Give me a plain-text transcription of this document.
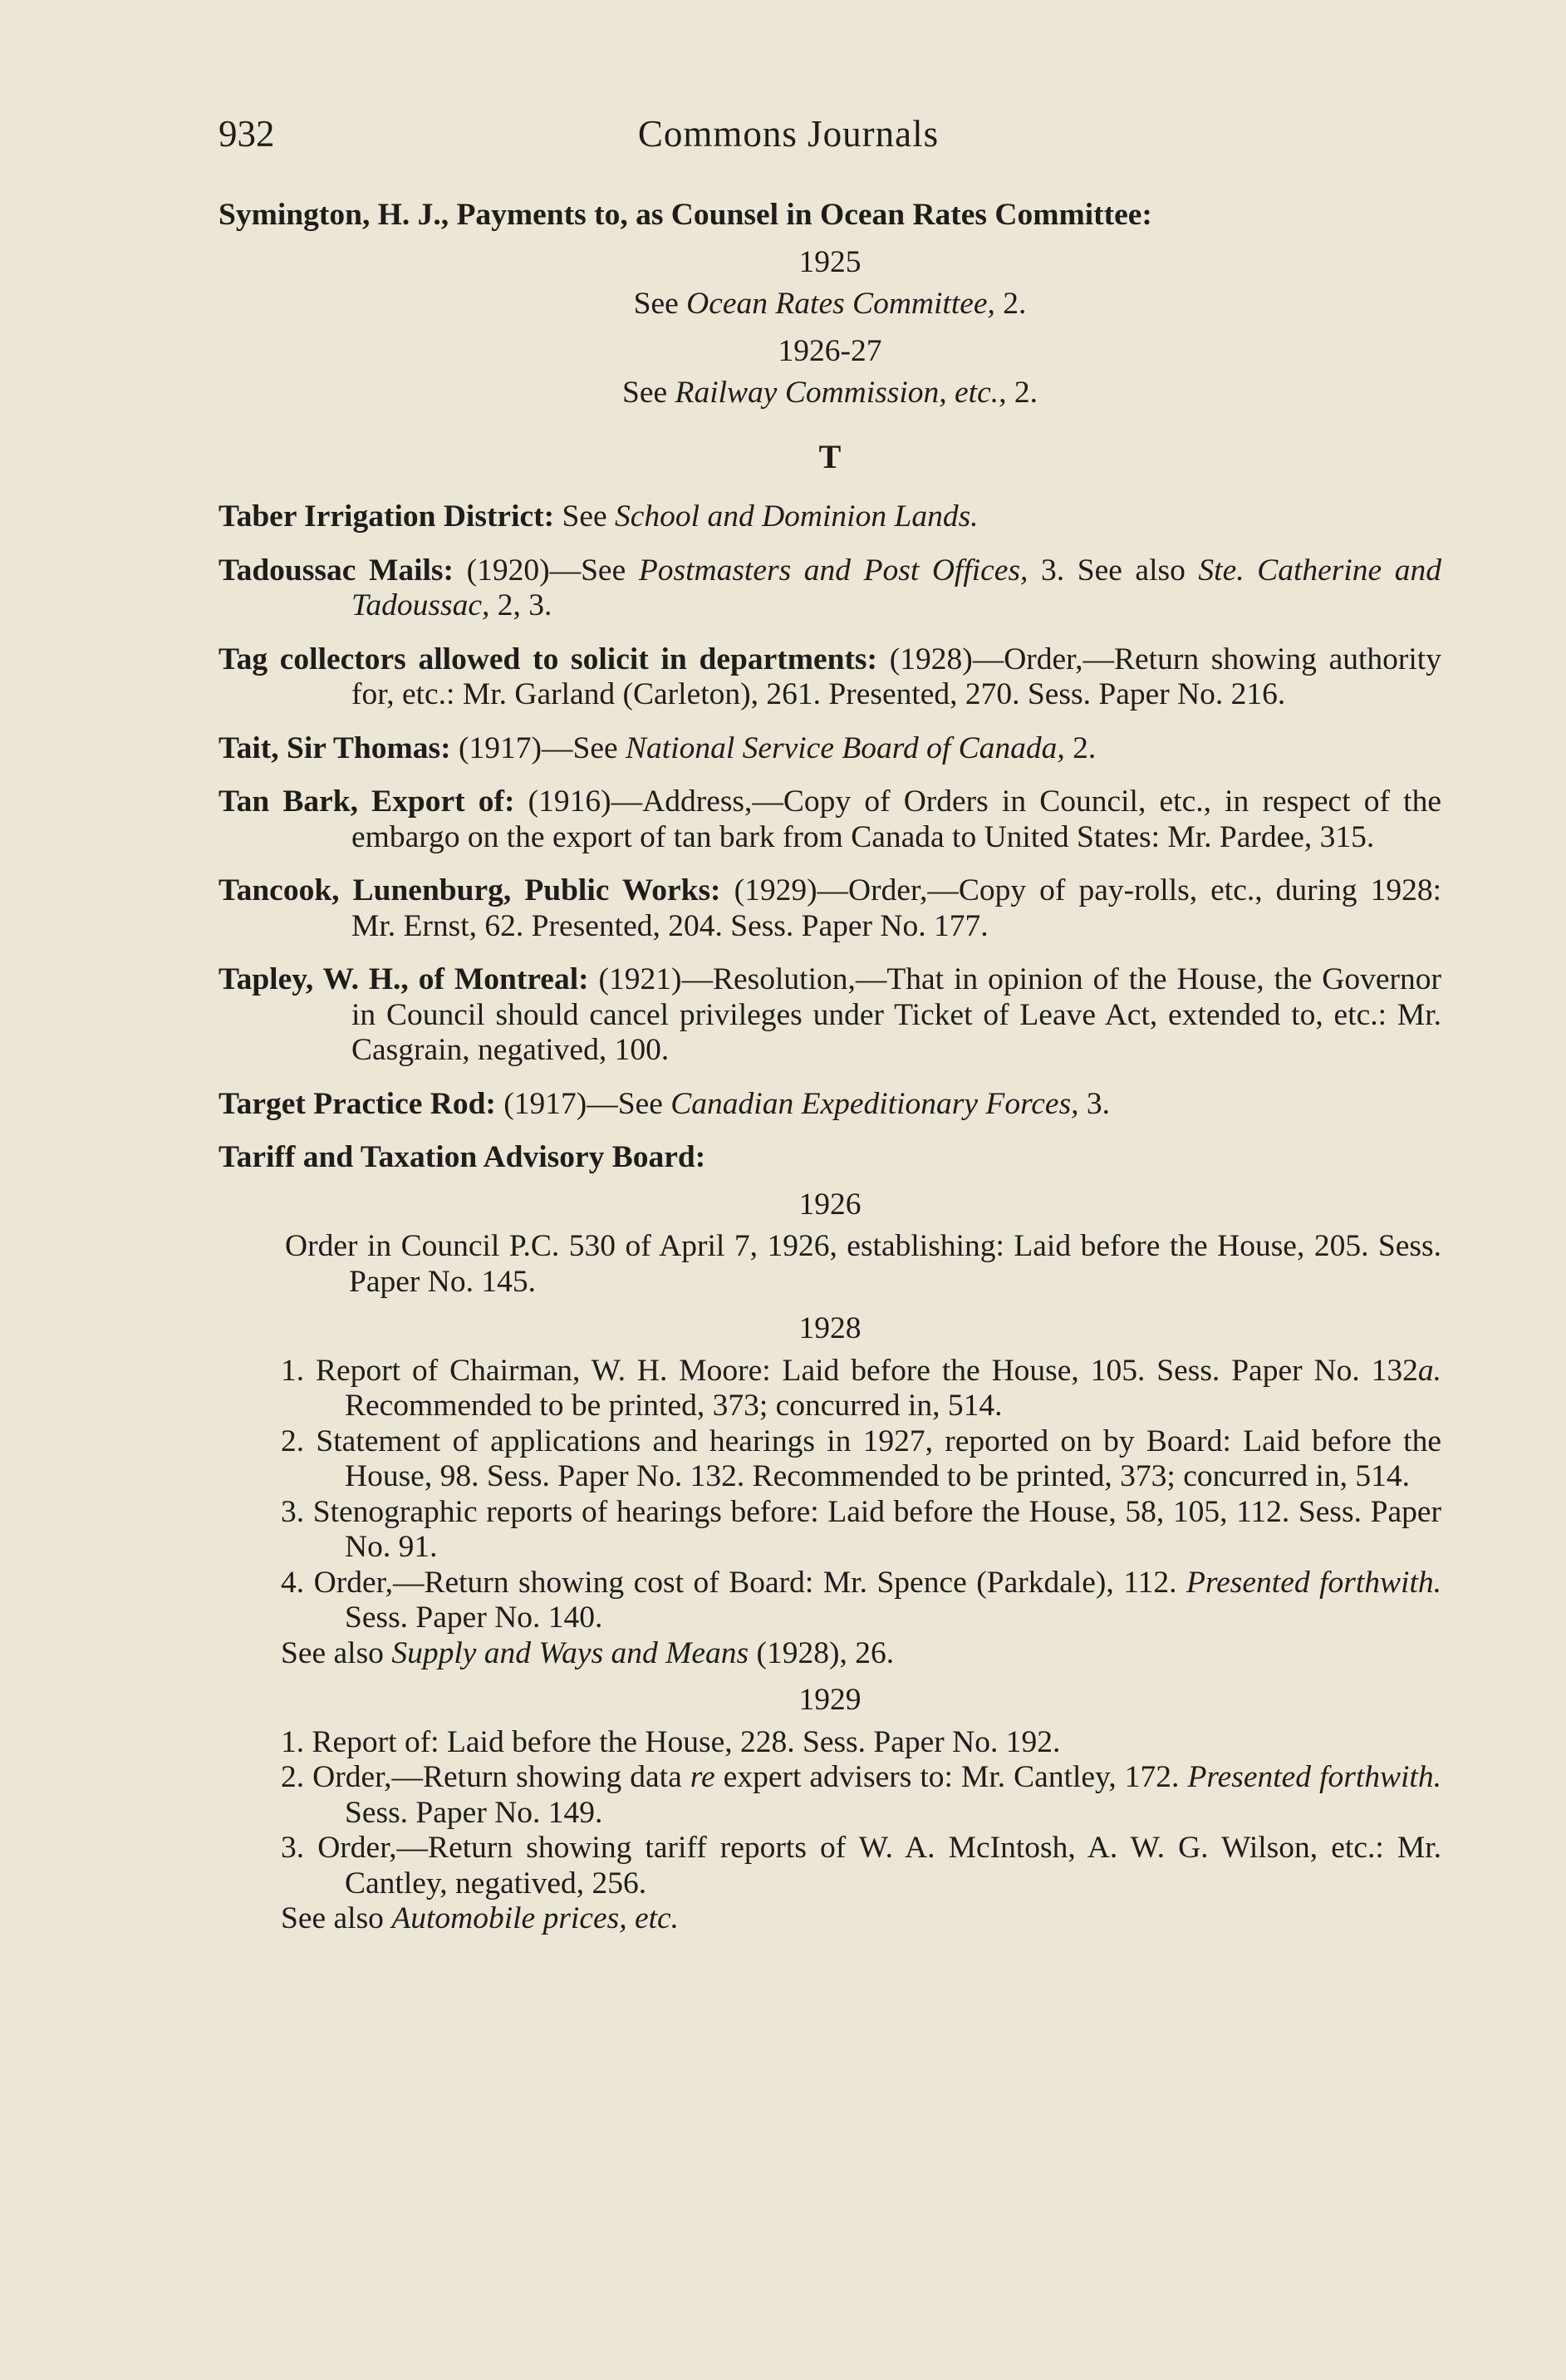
932	Commons Journals
Symington, H. J., Payments to, as Counsel in Ocean Rates Committee:
1925
See Ocean Rates Committee, 2.
1926-27
See Railway Commission, etc., 2.
T
Taber Irrigation District: See School and Dominion Lands.
Tadoussac Mails: (1920)—See Postmasters and Post Offices, 3. See also Ste. Catherine and Tadoussac, 2, 3.
Tag collectors allowed to solicit in departments: (1928)—Order,—Return showing authority for, etc.: Mr. Garland (Carleton), 261. Presented, 270. Sess. Paper No. 216.
Tait, Sir Thomas: (1917)—See National Service Board of Canada, 2.
Tan Bark, Export of: (1916)—Address,—Copy of Orders in Council, etc., in respect of the embargo on the export of tan bark from Canada to United States: Mr. Pardee, 315.
Tancook, Lunenburg, Public Works: (1929)—Order,—Copy of pay-rolls, etc., during 1928: Mr. Ernst, 62. Presented, 204. Sess. Paper No. 177.
Tapley, W. H., of Montreal: (1921)—Resolution,—That in opinion of the House, the Governor in Council should cancel privileges under Ticket of Leave Act, extended to, etc.: Mr. Casgrain, negatived, 100.
Target Practice Rod: (1917)—See Canadian Expeditionary Forces, 3.
Tariff and Taxation Advisory Board:
1926
Order in Council P.C. 530 of April 7, 1926, establishing: Laid before the House, 205. Sess. Paper No. 145.
1928
1. Report of Chairman, W. H. Moore: Laid before the House, 105. Sess. Paper No. 132a. Recommended to be printed, 373; concurred in, 514.
2. Statement of applications and hearings in 1927, reported on by Board: Laid before the House, 98. Sess. Paper No. 132. Recommended to be printed, 373; concurred in, 514.
3. Stenographic reports of hearings before: Laid before the House, 58, 105, 112. Sess. Paper No. 91.
4. Order,—Return showing cost of Board: Mr. Spence (Parkdale), 112. Presented forthwith. Sess. Paper No. 140.
See also Supply and Ways and Means (1928), 26.
1929
1. Report of: Laid before the House, 228. Sess. Paper No. 192.
2. Order,—Return showing data re expert advisers to: Mr. Cantley, 172. Presented forthwith. Sess. Paper No. 149.
3. Order,—Return showing tariff reports of W. A. McIntosh, A. W. G. Wilson, etc.: Mr. Cantley, negatived, 256.
See also Automobile prices, etc.
